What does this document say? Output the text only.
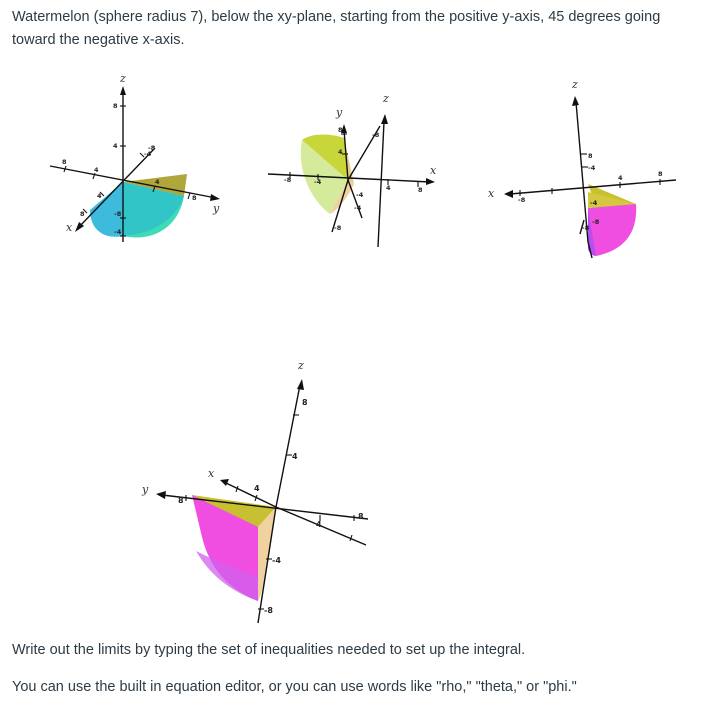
Watermelon (sphere radius 7), below the xy-plane, starting from the positive y-axis, 45 degrees going toward the negative x-axis.
z
y
x
8
4
4
8
-8
-4
4
8
4
8
-4
-8
z
y
x
8
4
-4
-8
-4
-8
4	8
-4
-8
z
x
8
-8
-4
-8
4	8
-4
-8
z
y
x
8
4
8
4
4
8
-4
-8
Write out the limits by typing the set of inequalities needed to set up the integral.
You can use the built in equation editor, or you can use words like "rho," "theta," or "phi."
